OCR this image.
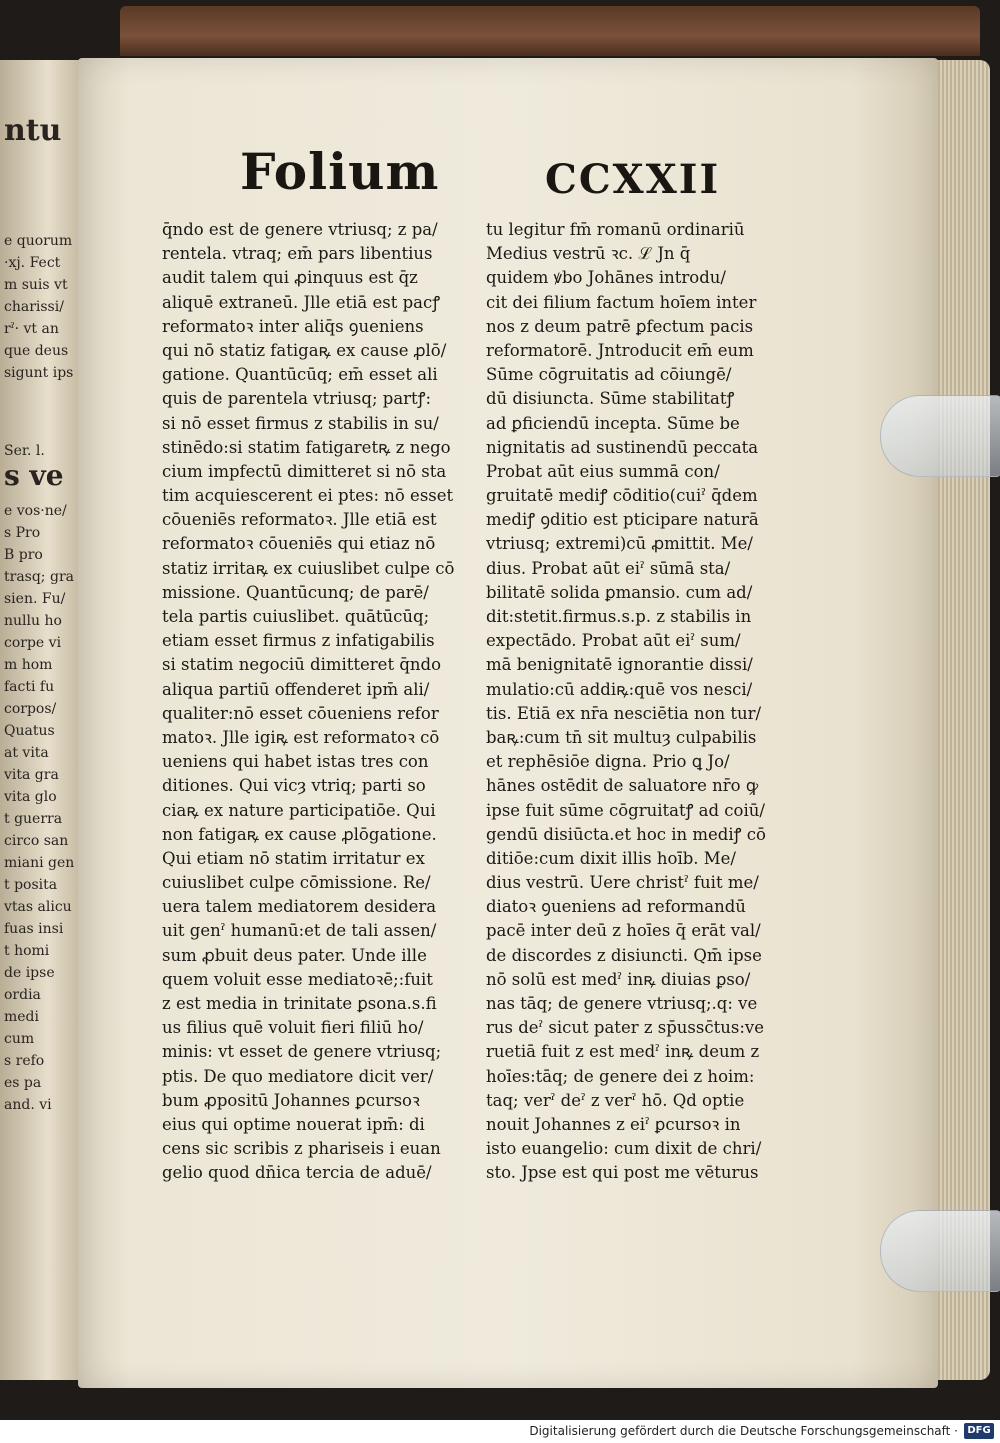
ntu
e quorum
·xj. Fect
m suis vt
charissi/
rˀ· vt an
que deus
sigunt ips
Ser. l.
s ve
e vos·ne/
s Pro
B pro
trasq; gra
sien. Fu/
nullu ho
corpe vi
m hom
facti fu
corpos/
Quatus
at vita
vita gra
vita glo
t guerra
circo san
miani gen
t posita
vtas alicu
fuas insi
t homi
de ipse
ordia
medi
cum
s refo
es pa
and. vi
Folium	CCXXII
q̄ndo est de genere vtriusq; z pa/
rentela. vtraq; em̄ pars libentius
audit talem qui ꝓinquus est q̄z
aliquē extraneū. Jlle etiā est pacꝭ
reformatoꝛ inter aliq̄s ꝯueniens
qui nō statiz fatigaꝶ ex cause ꝓlō/
gatione. Quantūcūq; em̄ esset ali
quis de parentela vtriusq; partꝭ:
si nō esset firmus z stabilis in su/
stinēdo:si statim fatigaretꝶ z nego
cium impfectū dimitteret si nō sta
tim acquiescerent ei ptes: nō esset
cōueniēs reformatoꝛ. Jlle etiā est
reformatoꝛ cōueniēs qui etiaz nō
statiz irritaꝶ ex cuiuslibet culpe cō
missione. Quantūcunq; de parē/
tela partis cuiuslibet. quātūcūq;
etiam esset firmus z infatigabilis
si statim negociū dimitteret q̄ndo
aliqua partiū offenderet ipm̄ ali/
qualiter:nō esset cōueniens refor
matoꝛ. Jlle igiꝶ est reformatoꝛ cō
ueniens qui habet istas tres con
ditiones. Qui vicȝ vtriq; parti so
ciaꝶ ex nature participatiōe. Qui
non fatigaꝶ ex cause ꝓlōgatione.
Qui etiam nō statim irritatur ex
cuiuslibet culpe cōmissione. Re/
uera talem mediatorem desidera
uit genˀ humanū:et de tali assen/
sum ꝓbuit deus pater. Unde ille
quem voluit esse mediatoꝛē;:fuit
z est media in trinitate ꝑsona.s.fi
us filius quē voluit fieri filiū ho/
minis: vt esset de genere vtriusq;
ptis. De quo mediatore dicit ver/
bum ꝓpositū Johannes ꝑcursoꝛ
eius qui optime nouerat ipm̄: di
cens sic scribis z phariseis i euan
gelio quod dn̄ica tercia de aduē/
tu legitur fm̄ romanū ordinariū
Medius vestrū ꝛc. ℒ Jn q̄
quidem ꝟbo Johānes introdu/
cit dei filium factum hoīem inter
nos z deum patrē ꝑfectum pacis
reformatorē. Jntroducit em̄ eum
Sūme cōgruitatis ad cōiungē/
dū disiuncta. Sūme stabilitatꝭ
ad ꝑficiendū incepta. Sūme be
nignitatis ad sustinendū peccata
Probat aūt eius summā con/
gruitatē mediꝭ cōditio(cuiˀ q̄dem
mediꝭ ꝯditio est pticipare naturā
vtriusq; extremi)cū ꝓmittit. Me/
dius. Probat aūt eiˀ sūmā sta/
bilitatē solida ꝑmansio. cum ad/
dit:stetit.firmus.s.p. z stabilis in
expectādo. Probat aūt eiˀ sum/
mā benignitatē ignorantie dissi/
mulatio:cū addiꝶ:quē vos nesci/
tis. Etiā ex nr̄a nesciētia non tur/
baꝶ:cum tn̄ sit multuȝ culpabilis
et rephēsiōe digna. Prio ꝗ Jo/
hānes ostēdit de saluatore nr̄o ꝙ
ipse fuit sūme cōgruitatꝭ ad coiū/
gendū disiūcta.et hoc in mediꝭ cō
ditiōe:cum dixit illis hoīb. Me/
dius vestrū. Uere christˀ fuit me/
diatoꝛ ꝯueniens ad reformandū
pacē inter deū z hoīes q̄ erāt val/
de discordes z disiuncti. Qm̄ ipse
nō solū est medˀ inꝶ diuias ꝑso/
nas tāq; de genere vtriusq;.q: ve
rus deˀ sicut pater z sp̄ussc̄tus:ve
ruetiā fuit z est medˀ inꝶ deum z
hoīes:tāq; de genere dei z hoim:
taq; verˀ deˀ z verˀ hō. Qd optie
nouit Johannes z eiˀ ꝑcursoꝛ in
isto euangelio: cum dixit de chri/
sto. Jpse est qui post me vēturus
Digitalisierung gefördert durch die Deutsche Forschungsgemeinschaft · DFG
